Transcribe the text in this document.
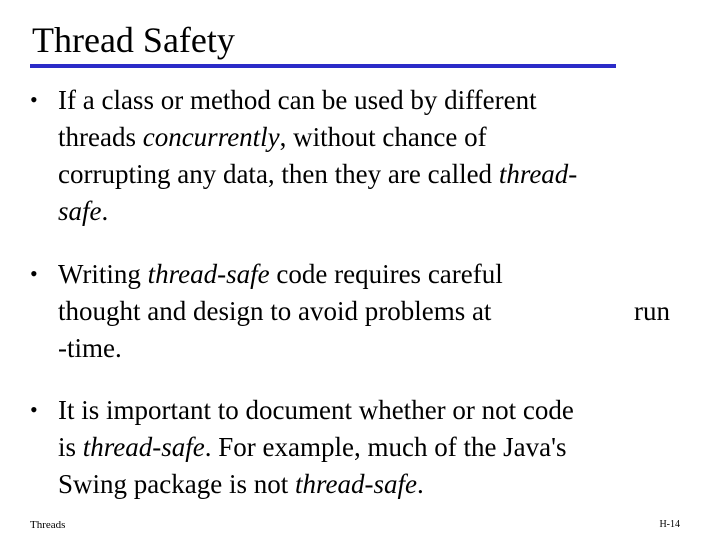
Thread Safety
• If a class or method can be used by different
threads concurrently, without chance of
corrupting any data, then they are called thread-
safe.
• Writing thread-safe code requires careful
thought and design to avoid problems at	run
-time.
• It is important to document whether or not code
is thread-safe. For example, much of the Java's
Swing package is not thread-safe.
Threads	H-14
